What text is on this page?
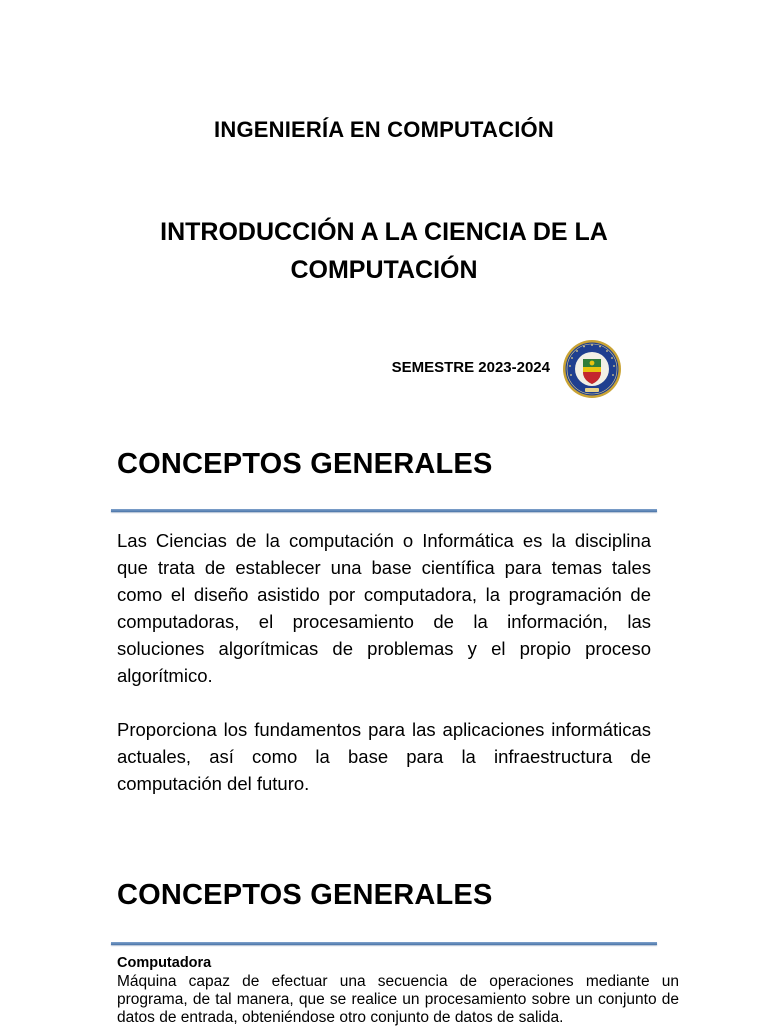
INGENIERÍA EN COMPUTACIÓN
INTRODUCCIÓN A LA CIENCIA DE LA
COMPUTACIÓN
SEMESTRE 2023-2024
CONCEPTOS GENERALES

Las Ciencias de la computación o Informática es la disciplina que trata de establecer una base científica para temas tales como el diseño asistido por computadora, la programación de computadoras, el procesamiento de la información, las soluciones algorítmicas de problemas y el propio proceso algorítmico.

Proporciona los fundamentos para las aplicaciones informáticas actuales, así como la base para la infraestructura de computación del futuro.

CONCEPTOS GENERALES
Computadora

Máquina capaz de efectuar una secuencia de operaciones mediante un programa, de tal manera, que se realice un procesamiento sobre un conjunto de datos de entrada, obteniéndose otro conjunto de datos de salida.
